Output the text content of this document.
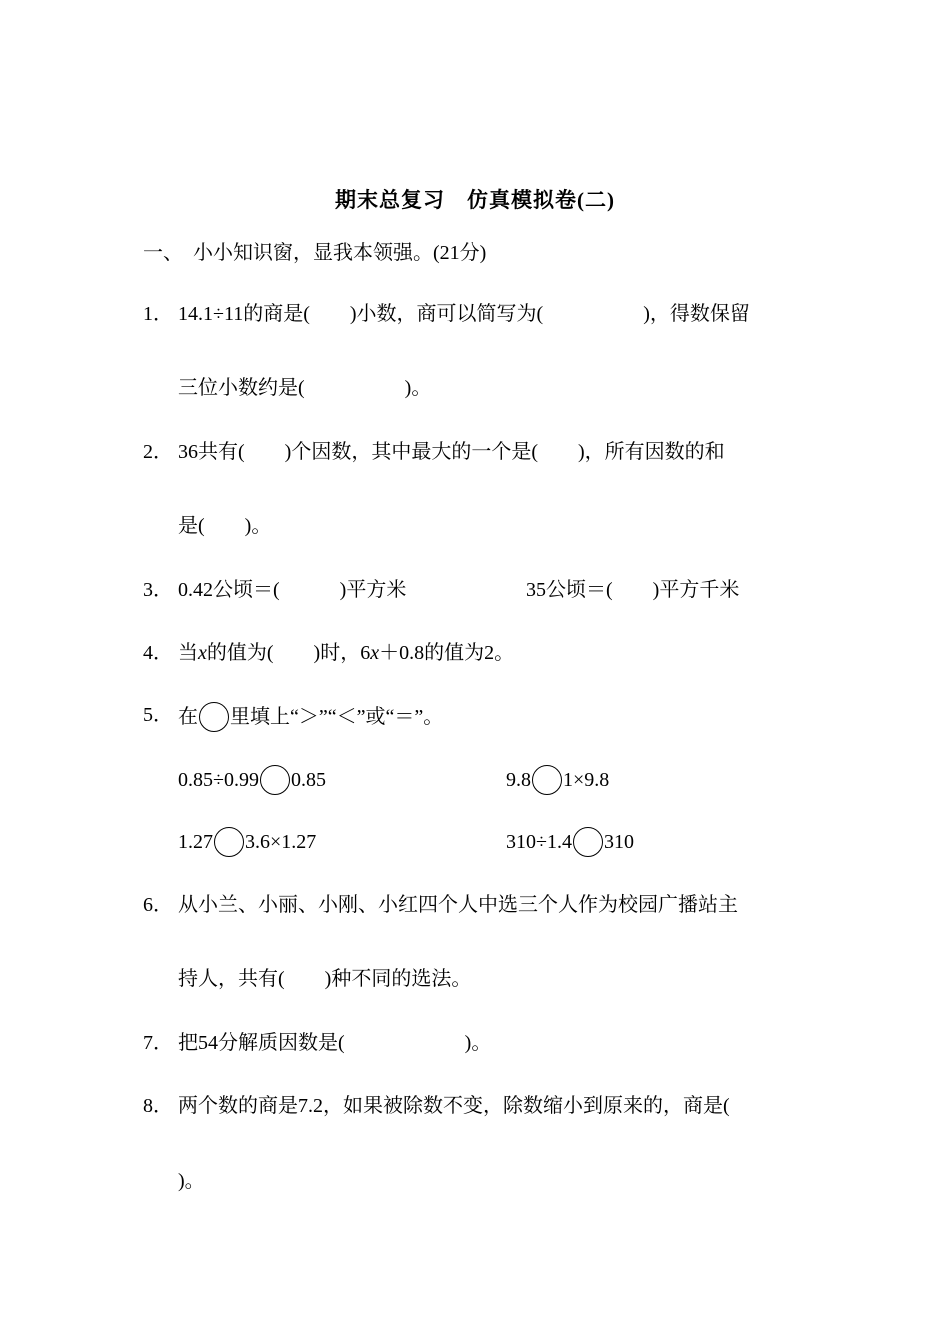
期末总复习　仿真模拟卷(二)
一、　小小知识窗，显我本领强。(21分)
1． 14.1÷11的商是(　　)小数，商可以简写为(　　　　　)，得数保留
三位小数约是(　　　　　)。
2． 36共有(　　)个因数，其中最大的一个是(　　)，所有因数的和
是(　　)。
3． 0.42公顷＝(　　　)平方米	35公顷＝(　　)平方千米
4． 当x的值为(　　)时，6x＋0.8的值为2。
5． 在 里填上“＞”“＜”或“＝”。
0.85÷0.99 0.85	9.8 1×9.8
1.27 3.6×1.27	310÷1.4 310
6． 从小兰、小丽、小刚、小红四个人中选三个人作为校园广播站主
持人，共有(　　)种不同的选法。
7． 把54分解质因数是(　　　　　　)。
8． 两个数的商是7.2，如果被除数不变，除数缩小到原来的，商是(
)。
